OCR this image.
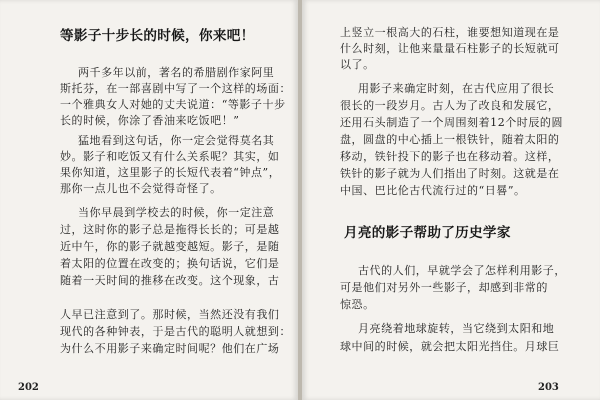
等影子十步长的时候，你来吧！
两千多年以前，著名的希腊剧作家阿里
斯托芬，在一部喜剧中写了一个这样的场面：
一个雅典女人对她的丈夫说道：“等影子十步
长的时候，你涂了香油来吃饭吧！”
猛地看到这句话，你一定会觉得莫名其
妙。影子和吃饭又有什么关系呢？其实，如
果你知道，这里影子的长短代表着“钟点”，
那你一点儿也不会觉得奇怪了。
当你早晨到学校去的时候，你一定注意
过，这时你的影子总是拖得长长的；可是越
近中午，你的影子就越变越短。影子，是随
着太阳的位置在改变的；换句话说，它们是
随着一天时间的推移在改变。这个现象，古
人早已注意到了。那时候，当然还没有我们
现代的各种钟表，于是古代的聪明人就想到：
为什么不用影子来确定时间呢？他们在广场
202
上竖立一根高大的石柱，谁要想知道现在是
什么时刻，让他来量量石柱影子的长短就可
以了。
用影子来确定时刻，在古代应用了很长
很长的一段岁月。古人为了改良和发展它，
还用石头制造了一个周围刻着12个时辰的圆
盘，圆盘的中心插上一根铁针，随着太阳的
移动，铁针投下的影子也在移动着。这样，
铁针的影子就为人们指出了时刻。这就是在
中国、巴比伦古代流行过的“日晷”。
月亮的影子帮助了历史学家
古代的人们，早就学会了怎样利用影子，
可是他们对另外一些影子，却感到非常的
惊恐。
月亮绕着地球旋转，当它绕到太阳和地
球中间的时候，就会把太阳光挡住。月球巨
203
